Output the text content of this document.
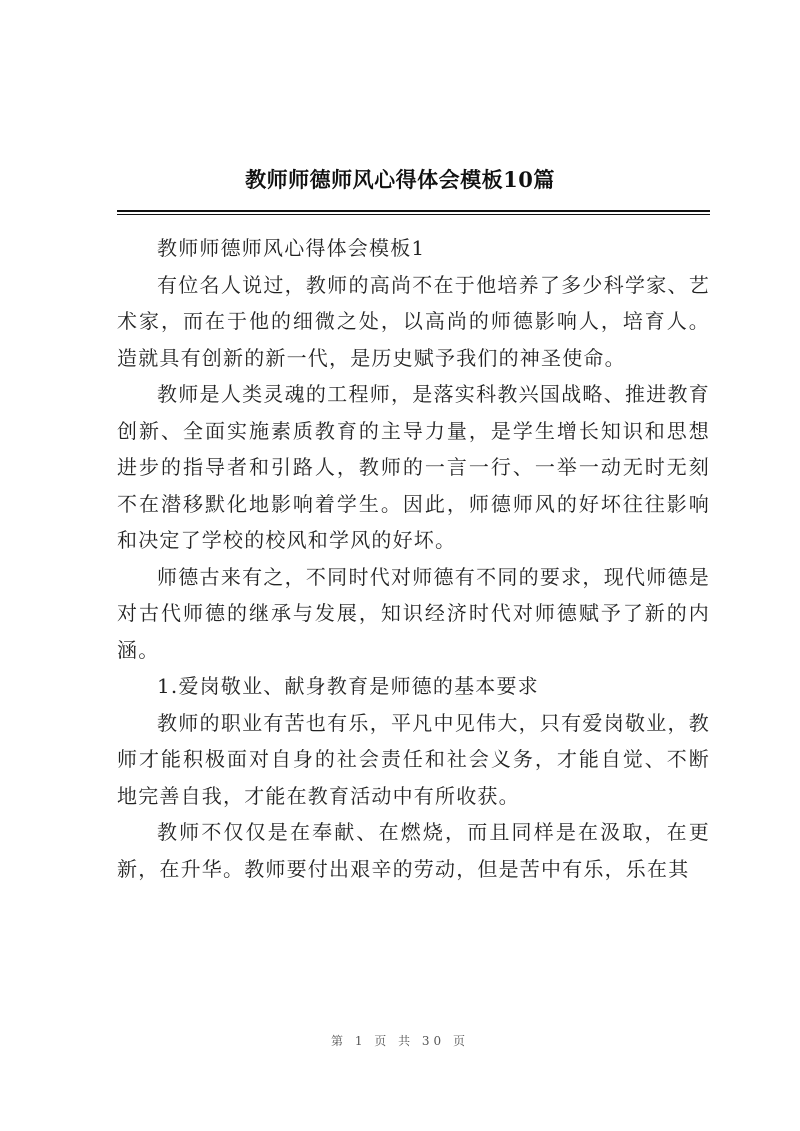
教师师德师风心得体会模板10篇

教师师德师风心得体会模板1

有位名人说过，教师的高尚不在于他培养了多少科学家、艺术家，而在于他的细微之处，以高尚的师德影响人，培育人。造就具有创新的新一代，是历史赋予我们的神圣使命。

教师是人类灵魂的工程师，是落实科教兴国战略、推进教育创新、全面实施素质教育的主导力量，是学生增长知识和思想进步的指导者和引路人，教师的一言一行、一举一动无时无刻不在潜移默化地影响着学生。因此，师德师风的好坏往往影响和决定了学校的校风和学风的好坏。

师德古来有之，不同时代对师德有不同的要求，现代师德是对古代师德的继承与发展，知识经济时代对师德赋予了新的内涵。

1.爱岗敬业、献身教育是师德的基本要求

教师的职业有苦也有乐，平凡中见伟大，只有爱岗敬业，教师才能积极面对自身的社会责任和社会义务，才能自觉、不断地完善自我，才能在教育活动中有所收获。

教师不仅仅是在奉献、在燃烧，而且同样是在汲取，在更新，在升华。教师要付出艰辛的劳动，但是苦中有乐，乐在其

第 1 页 共 30 页
